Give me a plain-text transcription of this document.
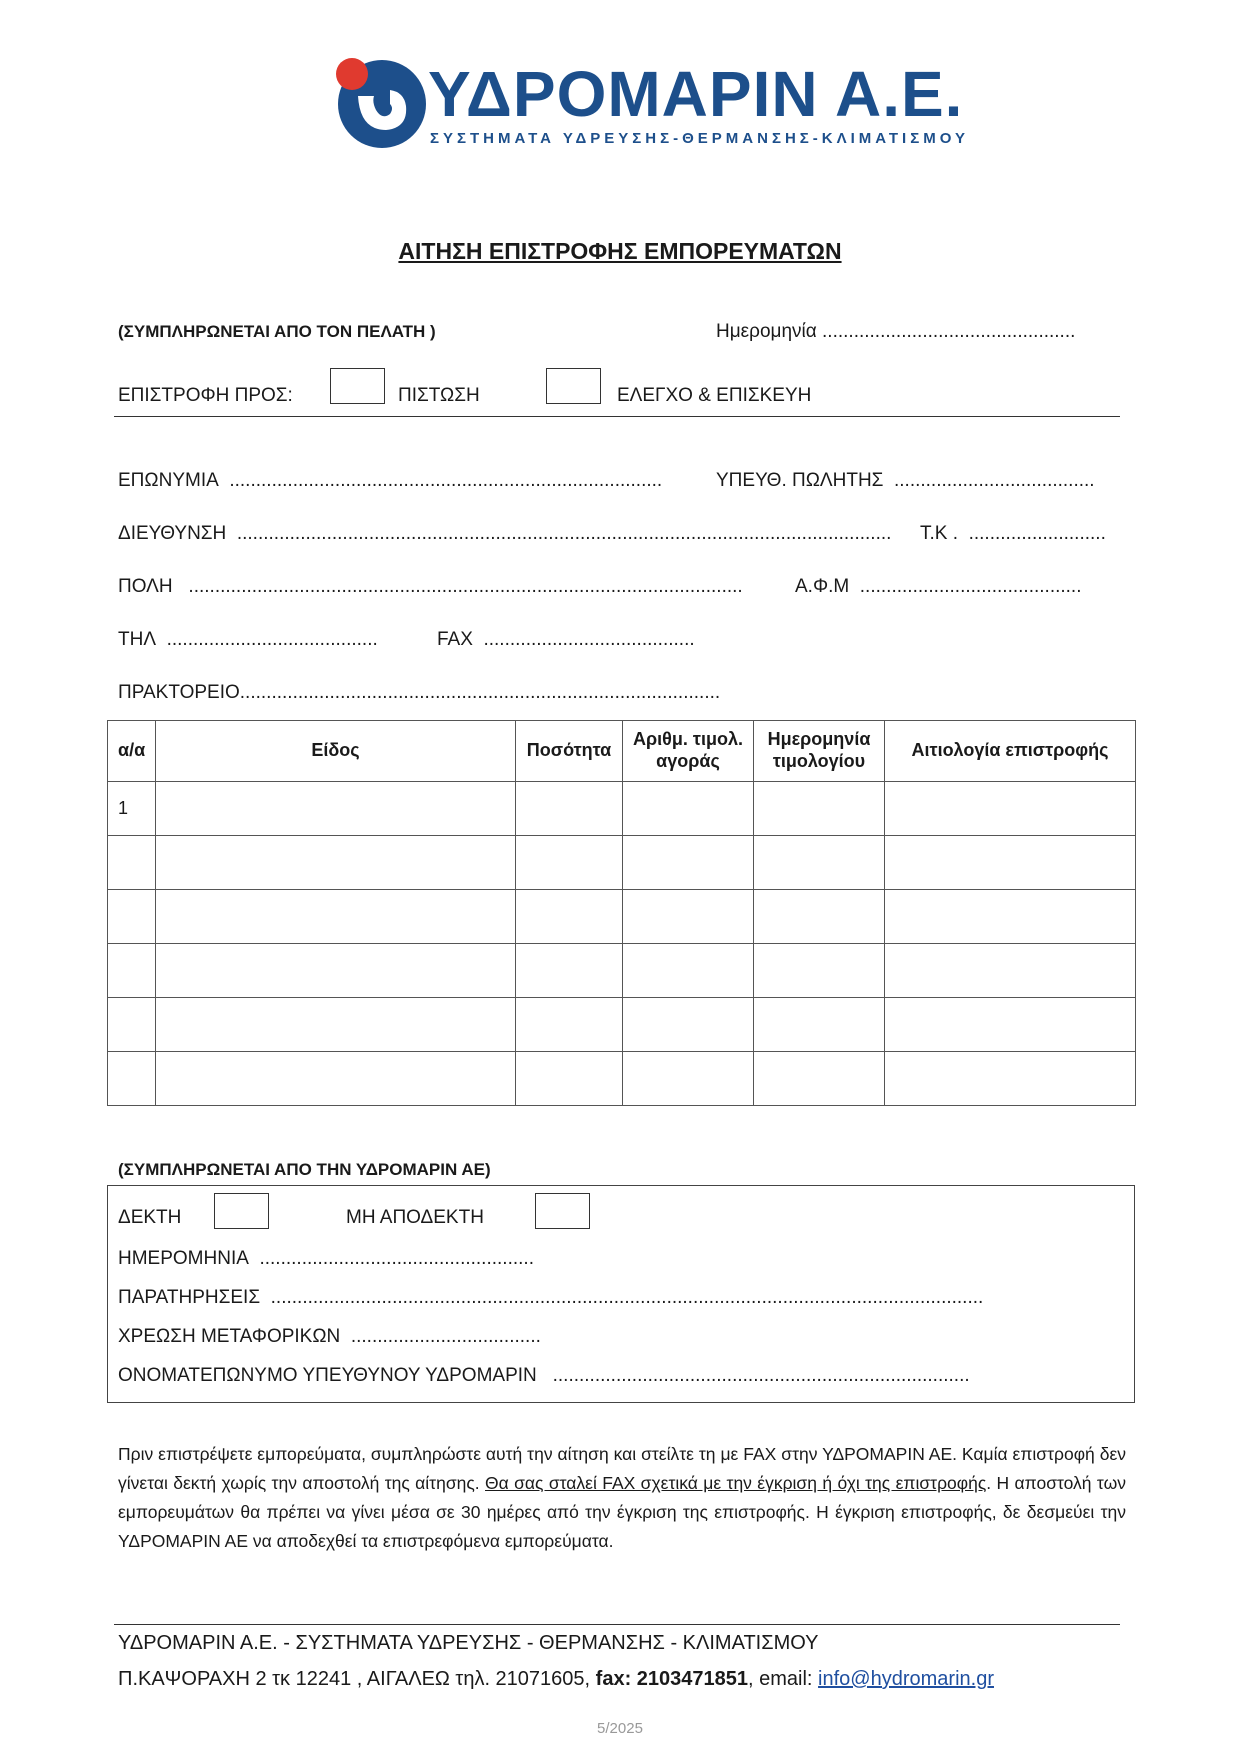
ΥΔΡΟΜΑΡΙΝ Α.Ε.
ΣΥΣΤΗΜΑΤΑ ΥΔΡΕΥΣΗΣ-ΘΕΡΜΑΝΣΗΣ-ΚΛΙΜΑΤΙΣΜΟΥ
ΑΙΤΗΣΗ ΕΠΙΣΤΡΟΦΗΣ ΕΜΠΟΡΕΥΜΑΤΩΝ
(ΣΥΜΠΛΗΡΩΝΕΤΑΙ ΑΠΟ ΤΟΝ ΠΕΛΑΤΗ )	Ημερομηνία ................................................
ΕΠΙΣΤΡΟΦΗ ΠΡΟΣ:	ΠΙΣΤΩΣΗ	ΕΛΕΓΧΟ & ΕΠΙΣΚΕΥΗ
ΕΠΩΝΥΜΙΑ ..................................................................................	ΥΠΕΥΘ. ΠΩΛΗΤΗΣ ......................................
ΔΙΕΥΘΥΝΣΗ ............................................................................................................................ Τ.Κ . ..........................
ΠΟΛΗ .........................................................................................................	Α.Φ.Μ ..........................................
ΤΗΛ ........................................	FAX ........................................
ΠΡΑΚΤΟΡΕΙΟ...........................................................................................
α/α	Είδος	Ποσότητα	Αριθμ. τιμολ. αγοράς	Ημερομηνία τιμολογίου	Αιτιολογία επιστροφής
1					

(ΣΥΜΠΛΗΡΩΝΕΤΑΙ ΑΠΟ ΤΗΝ ΥΔΡΟΜΑΡΙΝ ΑΕ)
ΔΕΚΤΗ	ΜΗ ΑΠΟΔΕΚΤΗ
ΗΜΕΡΟΜΗΝΙΑ ....................................................
ΠΑΡΑΤΗΡΗΣΕΙΣ .......................................................................................................................................
ΧΡΕΩΣΗ ΜΕΤΑΦΟΡΙΚΩΝ ....................................
ΟΝΟΜΑΤΕΠΩΝΥΜΟ ΥΠΕΥΘΥΝΟΥ ΥΔΡΟΜΑΡΙΝ ...............................................................................
Πριν επιστρέψετε εμπορεύματα, συμπληρώστε αυτή την αίτηση και στείλτε τη με FAX στην ΥΔΡΟΜΑΡΙΝ ΑΕ. Καμία επιστροφή δεν γίνεται δεκτή χωρίς την αποστολή της αίτησης. Θα σας σταλεί FAX σχετικά με την έγκριση ή όχι της επιστροφής. Η αποστολή των εμπορευμάτων θα πρέπει να γίνει μέσα σε 30 ημέρες από την έγκριση της επιστροφής. Η έγκριση επιστροφής, δε δεσμεύει την ΥΔΡΟΜΑΡΙΝ ΑΕ να αποδεχθεί τα επιστρεφόμενα εμπορεύματα.
ΥΔΡΟΜΑΡΙΝ Α.Ε. - ΣΥΣΤΗΜΑΤΑ ΥΔΡΕΥΣΗΣ - ΘΕΡΜΑΝΣΗΣ - ΚΛΙΜΑΤΙΣΜΟΥ
Π.ΚΑΨΟΡΑΧΗ 2 τκ 12241 , ΑΙΓΑΛΕΩ τηλ. 21071605, fax: 2103471851, email: info@hydromarin.gr
5/2025
